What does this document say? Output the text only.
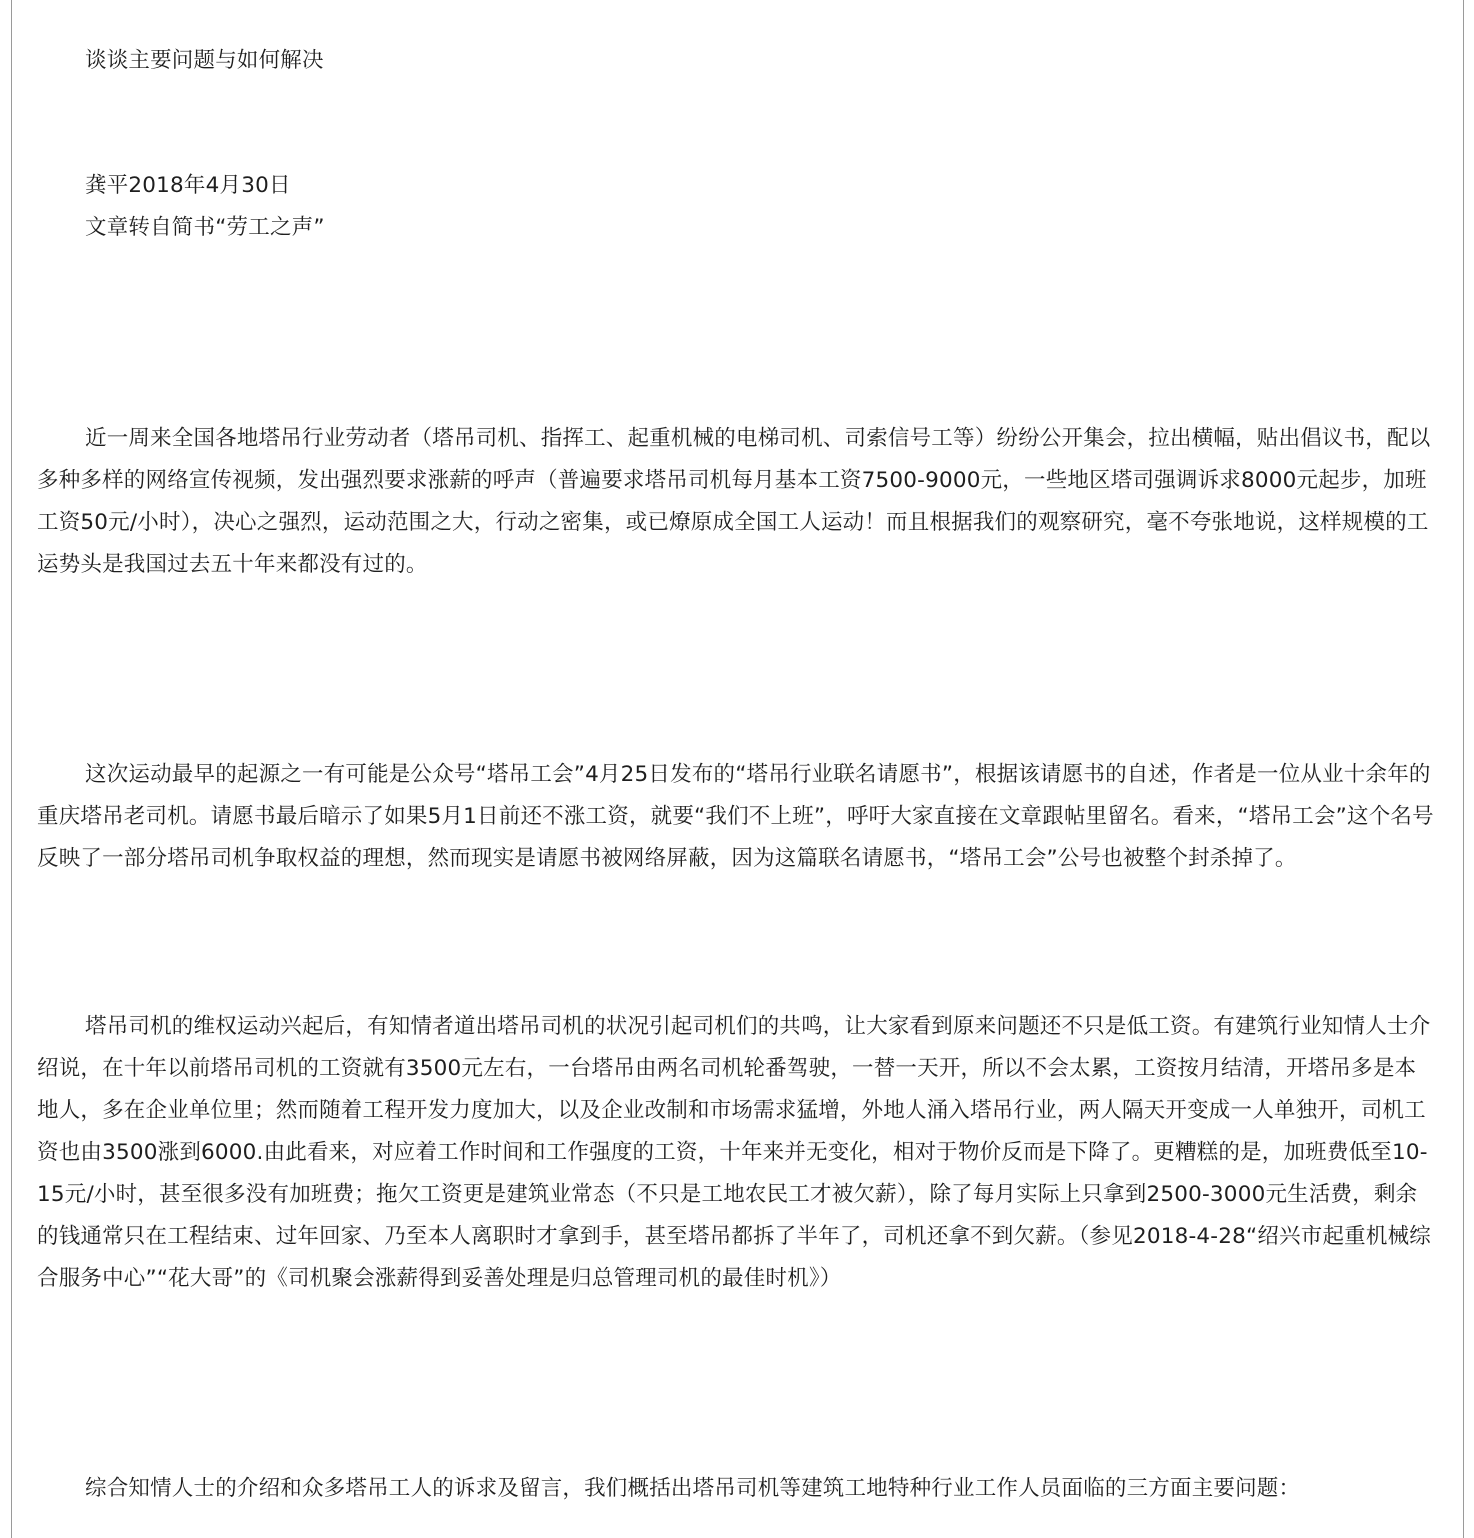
谈谈主要问题与如何解决

龚平2018年4月30日

文章转自简书“劳工之声”

近一周来全国各地塔吊行业劳动者（塔吊司机、指挥工、起重机械的电梯司机、司索信号工等）纷纷公开集会，拉出横幅，贴出倡议书，配以多种多样的网络宣传视频，发出强烈要求涨薪的呼声（普遍要求塔吊司机每月基本工资7500-9000元，一些地区塔司强调诉求8000元起步，加班工资50元/小时），决心之强烈，运动范围之大，行动之密集，或已燎原成全国工人运动！而且根据我们的观察研究，毫不夸张地说，这样规模的工运势头是我国过去五十年来都没有过的。

这次运动最早的起源之一有可能是公众号“塔吊工会”4月25日发布的“塔吊行业联名请愿书”，根据该请愿书的自述，作者是一位从业十余年的重庆塔吊老司机。请愿书最后暗示了如果5月1日前还不涨工资，就要“我们不上班”，呼吁大家直接在文章跟帖里留名。看来，“塔吊工会”这个名号反映了一部分塔吊司机争取权益的理想，然而现实是请愿书被网络屏蔽，因为这篇联名请愿书，“塔吊工会”公号也被整个封杀掉了。

塔吊司机的维权运动兴起后，有知情者道出塔吊司机的状况引起司机们的共鸣，让大家看到原来问题还不只是低工资。有建筑行业知情人士介绍说，在十年以前塔吊司机的工资就有3500元左右，一台塔吊由两名司机轮番驾驶，一替一天开，所以不会太累，工资按月结清，开塔吊多是本地人，多在企业单位里；然而随着工程开发力度加大，以及企业改制和市场需求猛增，外地人涌入塔吊行业，两人隔天开变成一人单独开，司机工资也由3500涨到6000.由此看来，对应着工作时间和工作强度的工资，十年来并无变化，相对于物价反而是下降了。更糟糕的是，加班费低至10-15元/小时，甚至很多没有加班费；拖欠工资更是建筑业常态（不只是工地农民工才被欠薪），除了每月实际上只拿到2500-3000元生活费，剩余的钱通常只在工程结束、过年回家、乃至本人离职时才拿到手，甚至塔吊都拆了半年了，司机还拿不到欠薪。（参见2018-4-28“绍兴市起重机械综合服务中心”“花大哥”的《司机聚会涨薪得到妥善处理是归总管理司机的最佳时机》）

综合知情人士的介绍和众多塔吊工人的诉求及留言，我们概括出塔吊司机等建筑工地特种行业工作人员面临的三方面主要问题：
